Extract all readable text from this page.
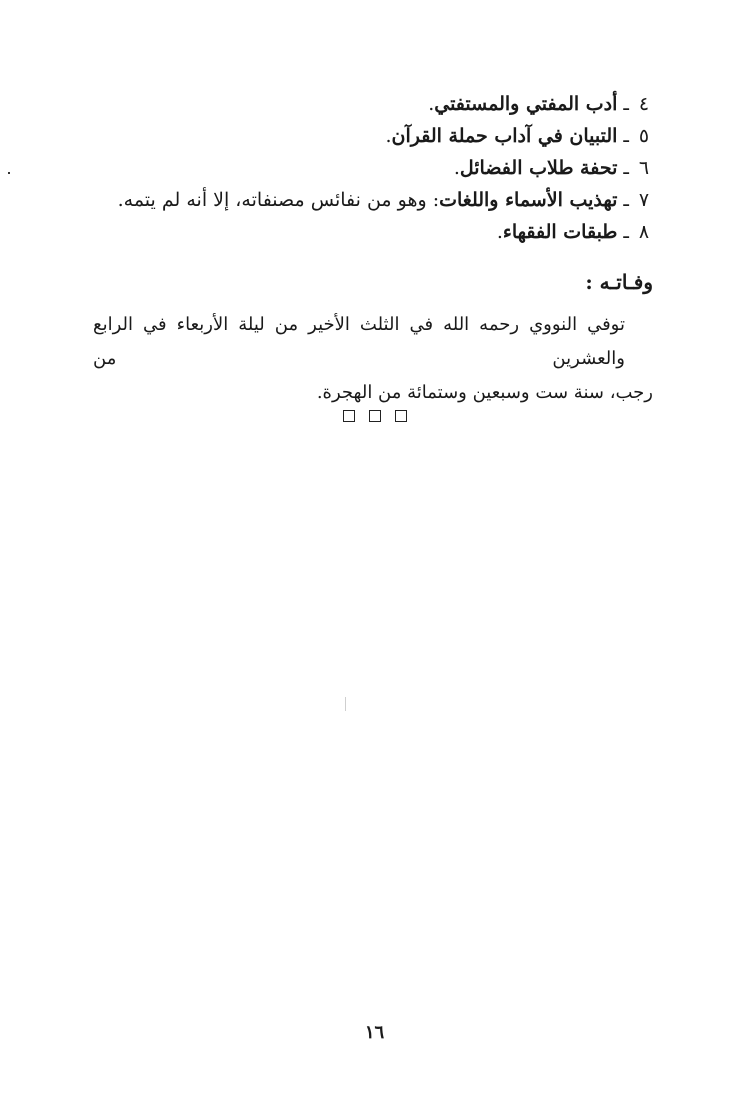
٤ـأدب المفتي والمستفتي.
٥ـالتبيان في آداب حملة القرآن.
٦ـتحفة طلاب الفضائل.
٧ـتهذيب الأسماء واللغات: وهو من نفائس مصنفاته، إلا أنه لم يتمه.
٨ـطبقات الفقهاء.
وفـاتـه :

توفي النووي رحمه الله في الثلث الأخير من ليلة الأربعاء في الرابع والعشرين من
رجب، سنة ست وسبعين وستمائة من الهجرة.

١٦
